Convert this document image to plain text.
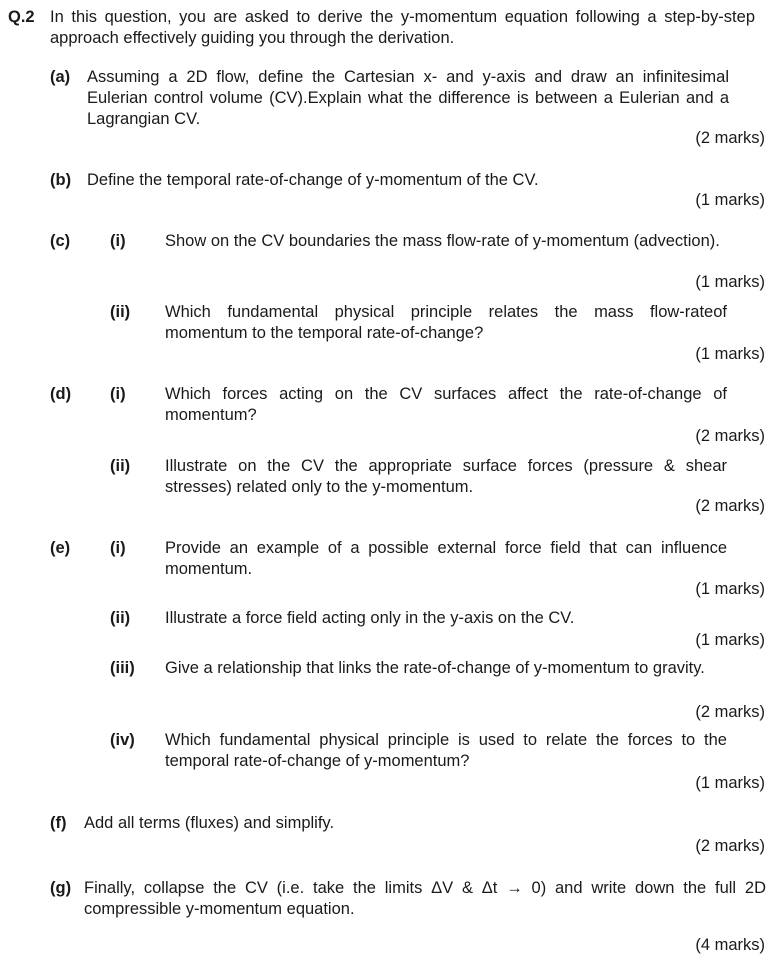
Q.2 In this question, you are asked to derive the y-momentum equation following a step-by-step approach effectively guiding you through the derivation.
(a) Assuming a 2D flow, define the Cartesian x- and y-axis and draw an infinitesimal Eulerian control volume (CV).Explain what the difference is between a Eulerian and a Lagrangian CV.
(2 marks)
(b) Define the temporal rate-of-change of y-momentum of the CV.
(1 marks)
(c) (i) Show on the CV boundaries the mass flow-rate of y-momentum (advection).
(1 marks)
(ii) Which fundamental physical principle relates the mass flow-rateof momentum to the temporal rate-of-change?
(1 marks)
(d) (i) Which forces acting on the CV surfaces affect the rate-of-change of momentum?
(2 marks)
(ii) Illustrate on the CV the appropriate surface forces (pressure & shear stresses) related only to the y-momentum.
(2 marks)
(e) (i) Provide an example of a possible external force field that can influence momentum.
(1 marks)
(ii) Illustrate a force field acting only in the y-axis on the CV.
(1 marks)
(iii) Give a relationship that links the rate-of-change of y-momentum to gravity.
(2 marks)
(iv) Which fundamental physical principle is used to relate the forces to the temporal rate-of-change of y-momentum?
(1 marks)
(f) Add all terms (fluxes) and simplify.
(2 marks)
(g) Finally, collapse the CV (i.e. take the limits ΔV & Δt → 0) and write down the full 2D compressible y-momentum equation.
(4 marks)
